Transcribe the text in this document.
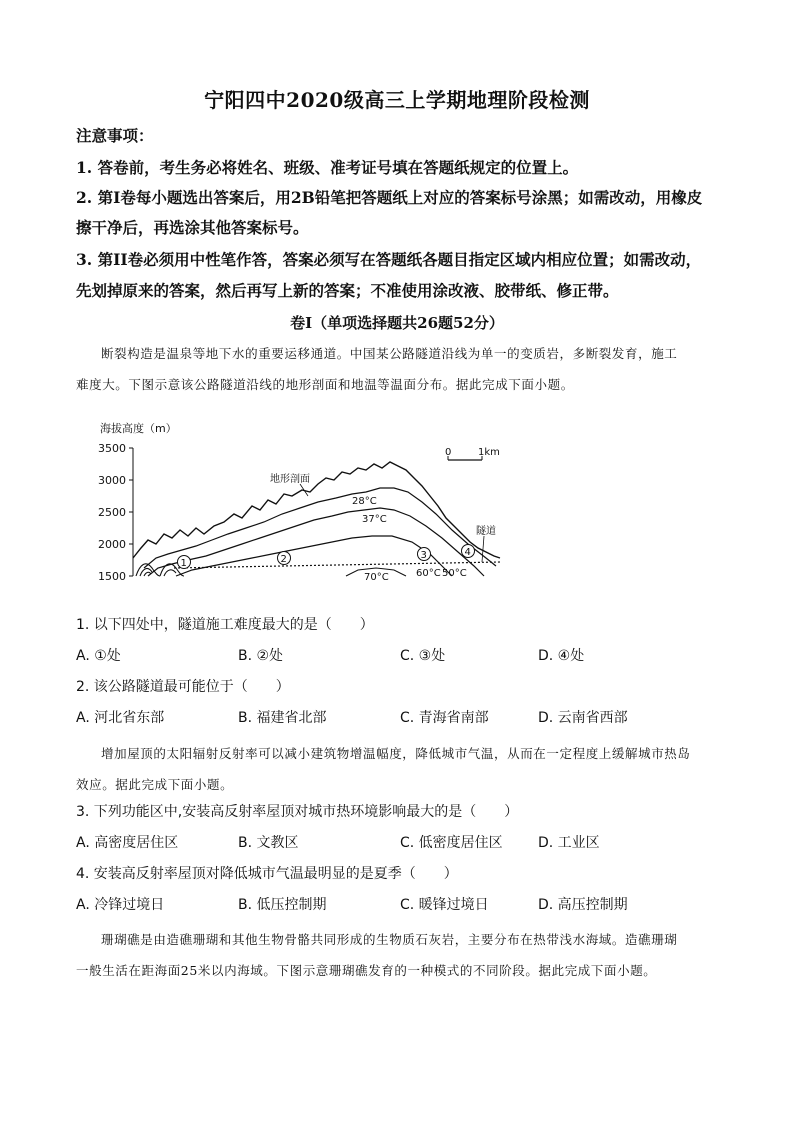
宁阳四中2020级高三上学期地理阶段检测
注意事项：
1. 答卷前，考生务必将姓名、班级、准考证号填在答题纸规定的位置上。
2. 第Ⅰ卷每小题选出答案后，用2B铅笔把答题纸上对应的答案标号涂黑；如需改动，用橡皮
擦干净后，再选涂其他答案标号。
3. 第II卷必须用中性笔作答，答案必须写在答题纸各题目指定区域内相应位置；如需改动，
先划掉原来的答案，然后再写上新的答案；不准使用涂改液、胶带纸、修正带。
卷Ⅰ（单项选择题共26题52分）
断裂构造是温泉等地下水的重要运移通道。中国某公路隧道沿线为单一的变质岩，多断裂发育，施工
难度大。下图示意该公路隧道沿线的地形剖面和地温等温面分布。据此完成下面小题。
海拔高度（m）
3500
3000
2500
2000
1500
0	1km
地形剖面
隧道
28°C
37°C
60°C 50°C
70°C
1	2	3	4
1. 以下四处中，隧道施工难度最大的是（　　）
A. ①处	B. ②处	C. ③处	D. ④处
2. 该公路隧道最可能位于（　　）
A. 河北省东部	B. 福建省北部	C. 青海省南部	D. 云南省西部
增加屋顶的太阳辐射反射率可以减小建筑物增温幅度，降低城市气温，从而在一定程度上缓解城市热岛
效应。据此完成下面小题。
3. 下列功能区中,安装高反射率屋顶对城市热环境影响最大的是（　　）
A. 高密度居住区	B. 文教区	C. 低密度居住区	D. 工业区
4. 安装高反射率屋顶对降低城市气温最明显的是夏季（　　）
A. 冷锋过境日	B. 低压控制期	C. 暖锋过境日	D. 高压控制期
珊瑚礁是由造礁珊瑚和其他生物骨骼共同形成的生物质石灰岩，主要分布在热带浅水海域。造礁珊瑚
一般生活在距海面25米以内海域。下图示意珊瑚礁发育的一种模式的不同阶段。据此完成下面小题。
